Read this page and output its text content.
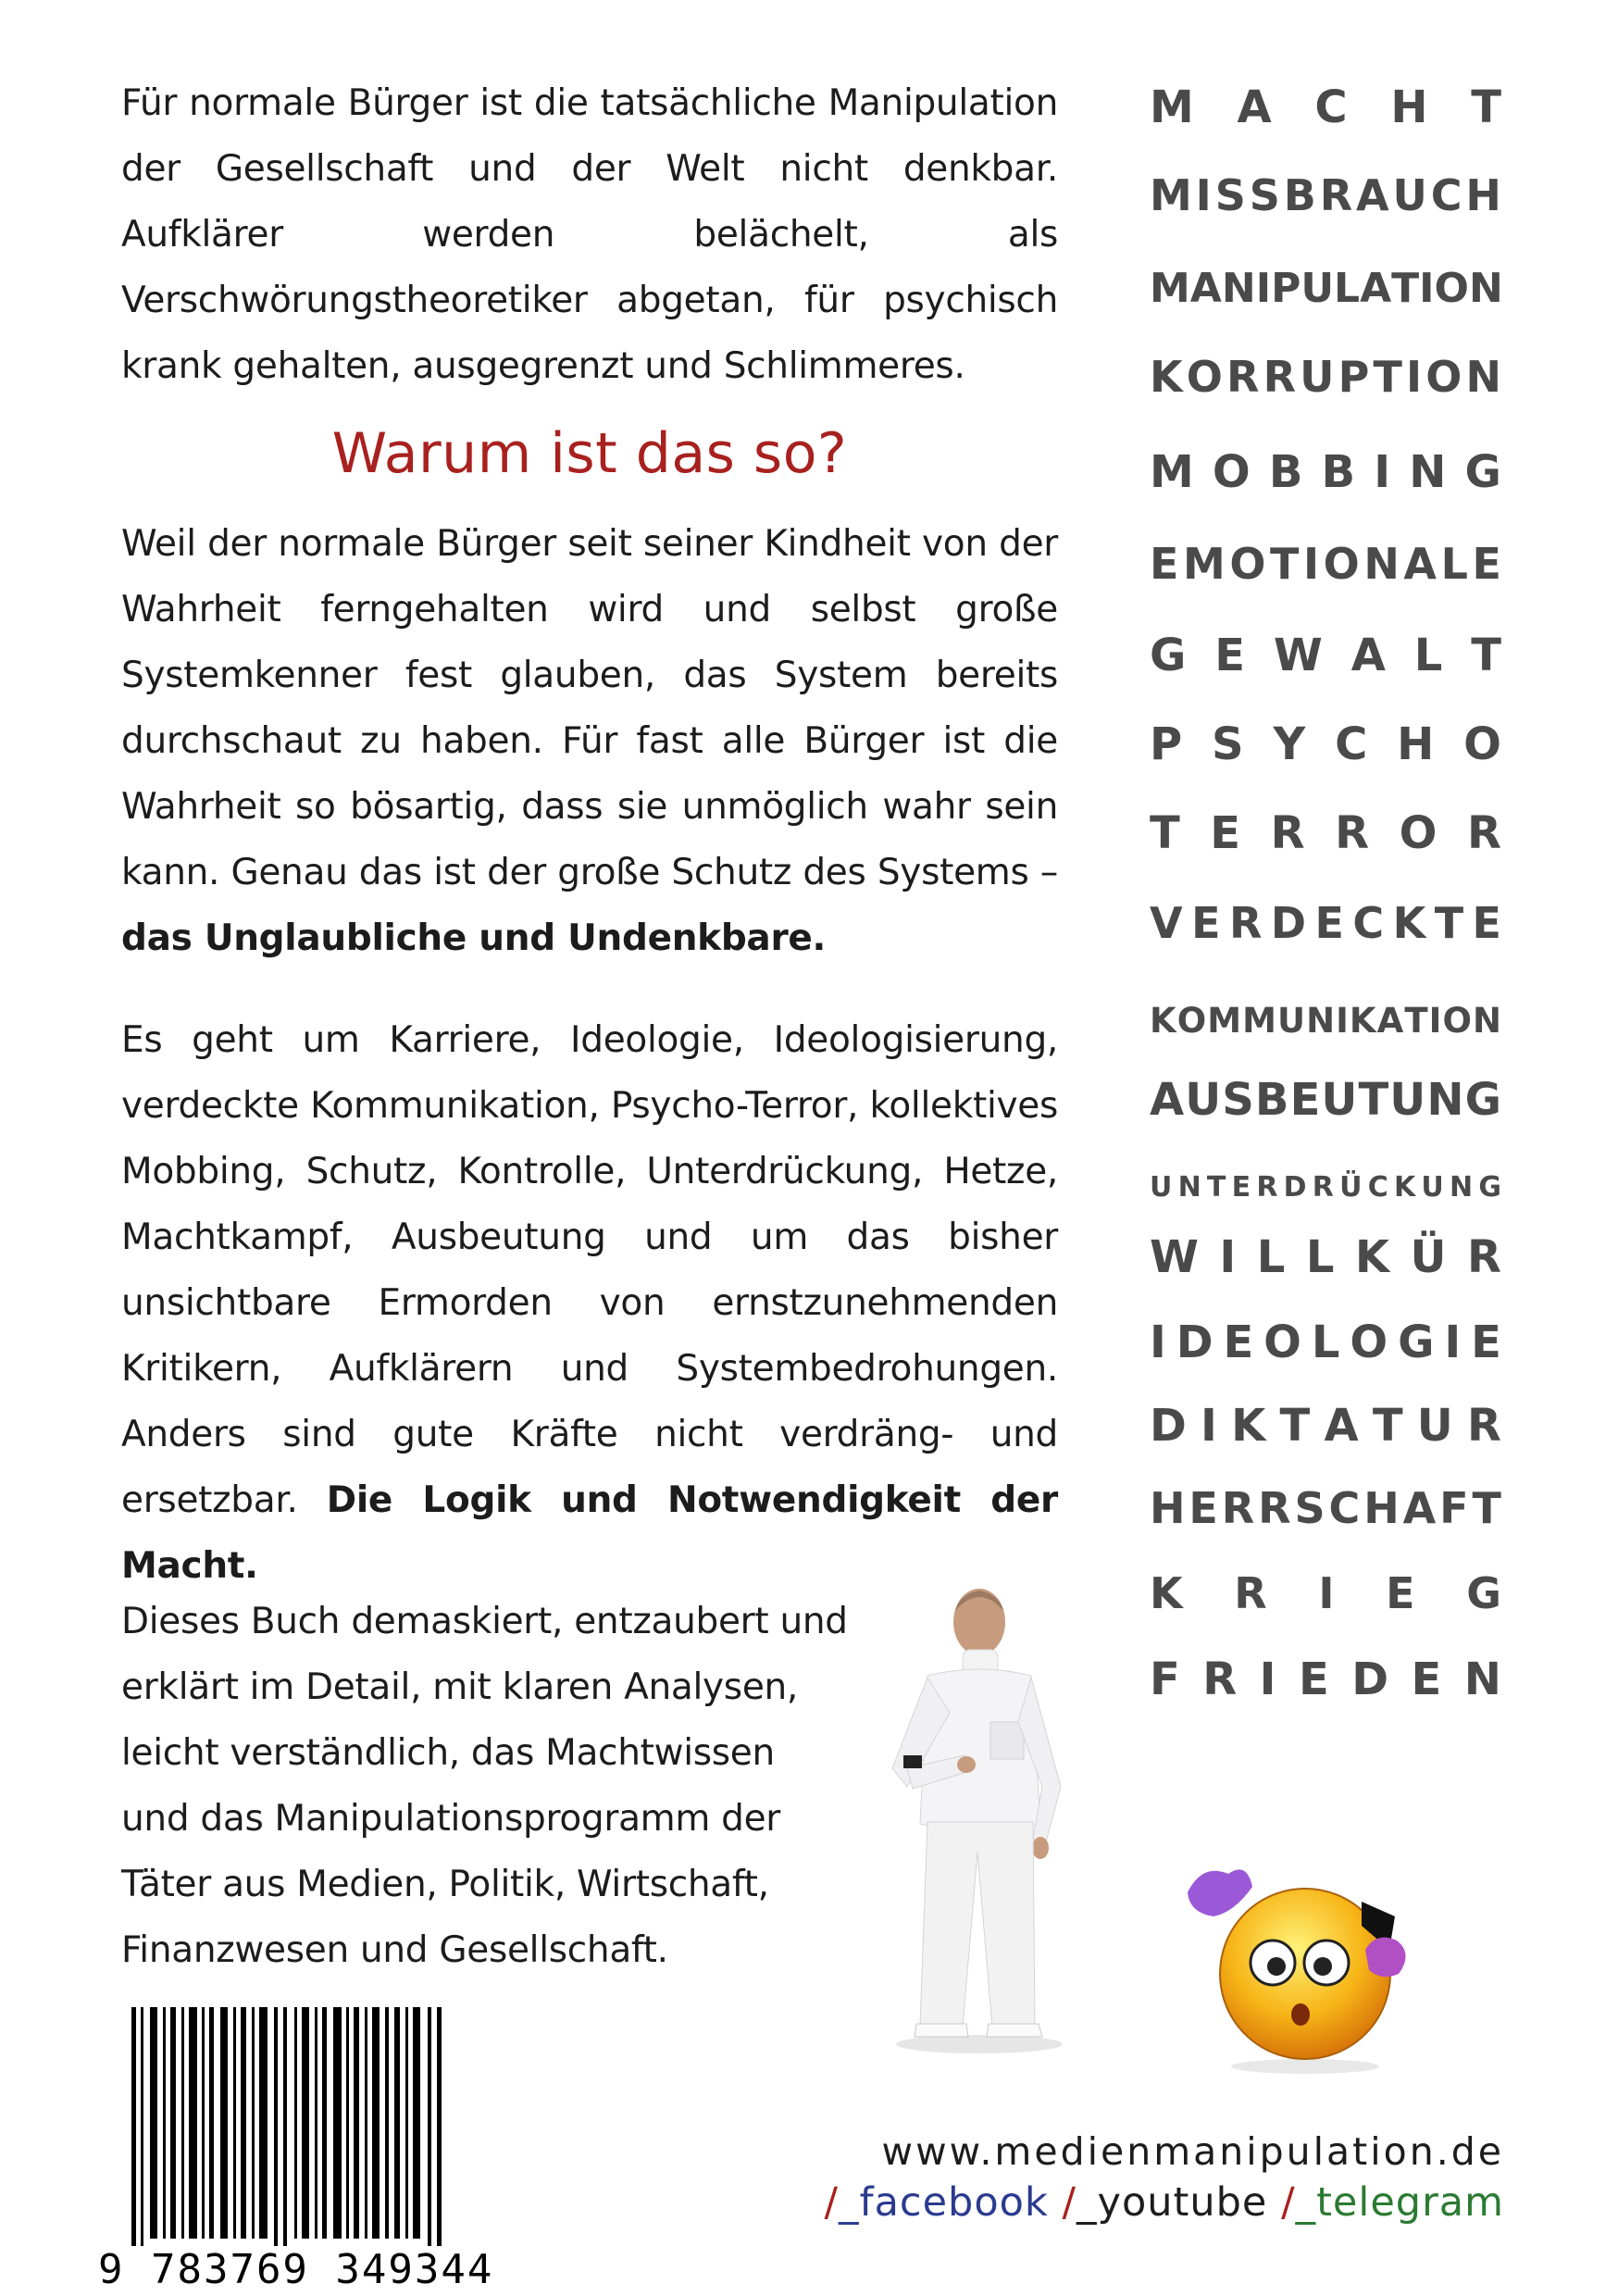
Für normale Bürger ist die tatsächliche Manipulation der Gesellschaft und der Welt nicht denkbar. Aufklärer werden belächelt, als Verschwörungstheoretiker abgetan, für psychisch krank gehalten, ausgegrenzt und Schlimmeres.

Warum ist das so?

Weil der normale Bürger seit seiner Kindheit von der Wahrheit ferngehalten wird und selbst große Systemkenner fest glauben, das System bereits durchschaut zu haben. Für fast alle Bürger ist die Wahrheit so bösartig, dass sie unmöglich wahr sein kann. Genau das ist der große Schutz des Systems – das Unglaubliche und Undenkbare.

Es geht um Karriere, Ideologie, Ideologisierung, verdeckte Kommunikation, Psycho-Terror, kollektives Mobbing, Schutz, Kontrolle, Unterdrückung, Hetze, Machtkampf, Ausbeutung und um das bisher unsichtbare Ermorden von ernstzunehmenden Kritikern, Aufklärern und Systembedrohungen. Anders sind gute Kräfte nicht verdräng- und ersetzbar. Die Logik und Notwendigkeit der Macht.

Dieses Buch demaskiert, entzaubert und erklärt im Detail, mit klaren Analysen, leicht verständlich, das Machtwissen und das Manipulationsprogramm der Täter aus Medien, Politik, Wirtschaft, Finanzwesen und Gesellschaft.

M A C H T
M I S S B R A U C H
M A N I P U L A T I O N
K O R R U P T I O N
M O B B I N G
E M O T I O N A L E
G E W A L T
P S Y C H O
T E R R O R
V E R D E C K T E
K O M M U N I K A T I O N
A U S B E U T U N G
U N T E R D R Ü C K U N G
W I L L K Ü R
I D E O L O G I E
D I K T A T U R
H E R R S C H A F T
K R I E G
F R I E D E N
9 783769 349344
www.medienmanipulation.de
/_facebook /_youtube /_telegram
